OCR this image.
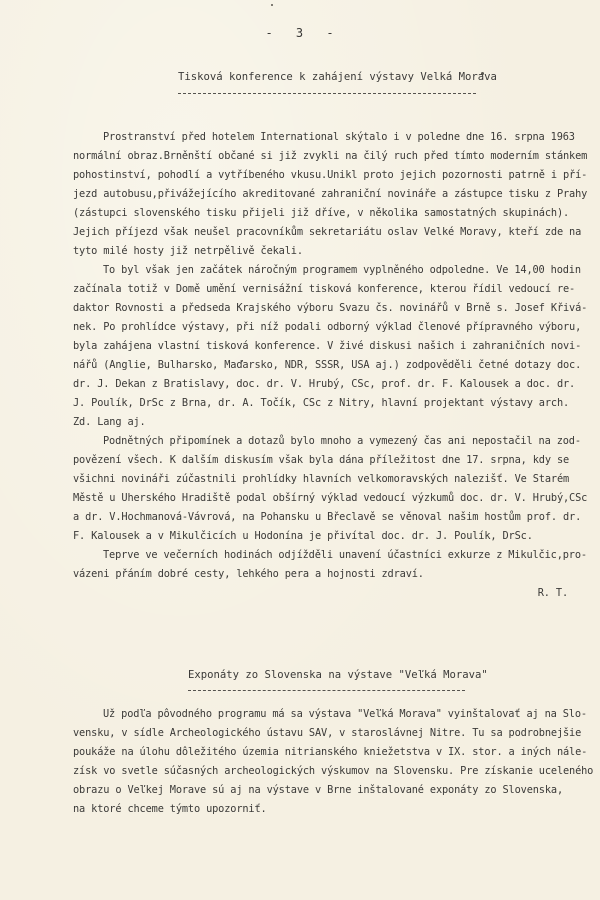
- 3 -
Tisková konference k zahájení výstavy Velká Morava
Prostranství před hotelem International skýtalo i v poledne dne 16. srpna 1963
normální obraz.Brněnští občané si již zvykli na čilý ruch před tímto moderním stánkem
pohostinství, pohodlí a vytříbeného vkusu.Unikl proto jejich pozornosti patrně i pří-
jezd autobusu,přivážejícího akreditované zahraniční novináře a zástupce tisku z Prahy
(zástupci slovenského tisku přijeli již dříve, v několika samostatných skupinách).
Jejich příjezd však neušel pracovníkům sekretariátu oslav Velké Moravy, kteří zde na
tyto milé hosty již netrpělivě čekali.
To byl však jen začátek náročným programem vyplněného odpoledne. Ve 14,00 hodin
začínala totiž v Domě umění vernisážní tisková konference, kterou řídil vedoucí re-
daktor Rovnosti a předseda Krajského výboru Svazu čs. novinářů v Brně s. Josef Křivá-
nek. Po prohlídce výstavy, při níž podali odborný výklad členové přípravného výboru,
byla zahájena vlastní tisková konference. V živé diskusi našich i zahraničních novi-
nářů (Anglie, Bulharsko, Maďarsko, NDR, SSSR, USA aj.) zodpověděli četné dotazy doc.
dr. J. Dekan z Bratislavy, doc. dr. V. Hrubý, CSc, prof. dr. F. Kalousek a doc. dr.
J. Poulík, DrSc z Brna, dr. A. Točík, CSc z Nitry, hlavní projektant výstavy arch.
Zd. Lang aj.
Podnětných připomínek a dotazů bylo mnoho a vymezený čas ani nepostačil na zod-
povězení všech. K dalším diskusím však byla dána příležitost dne 17. srpna, kdy se
všichni novináři zúčastnili prohlídky hlavních velkomoravských nalezišť. Ve Starém
Městě u Uherského Hradiště podal obšírný výklad vedoucí výzkumů doc. dr. V. Hrubý,CSc
a dr. V.Hochmanová-Vávrová, na Pohansku u Břeclavě se věnoval našim hostům prof. dr.
F. Kalousek a v Mikulčicích u Hodonína je přivítal doc. dr. J. Poulík, DrSc.
Teprve ve večerních hodinách odjížděli unavení účastníci exkurze z Mikulčic,pro-
vázeni přáním dobré cesty, lehkého pera a hojnosti zdraví.
R. T.
Exponáty zo Slovenska na výstave "Veľká Morava"
Už podľa pôvodného programu má sa výstava "Veľká Morava" vyinštalovať aj na Slo-
vensku, v sídle Archeologického ústavu SAV, v staroslávnej Nitre. Tu sa podrobnejšie
poukáže na úlohu dôležitého územia nitrianského kniežetstva v IX. stor. a iných nále-
získ vo svetle súčasných archeologických výskumov na Slovensku. Pre získanie uceleného
obrazu o Veľkej Morave sú aj na výstave v Brne inštalované exponáty zo Slovenska,
na ktoré chceme týmto upozorniť.
